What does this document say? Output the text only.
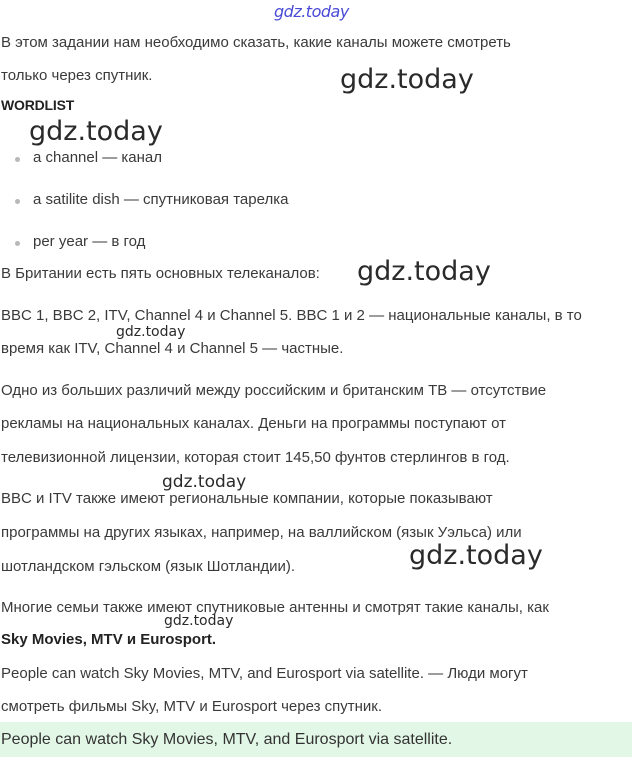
gdz.today
gdz.today
gdz.today
gdz.today
gdz.today
gdz.today
gdz.today
gdz.today
В этом задании нам необходимо сказать, какие каналы можете смотреть
только через спутник.
WORDLIST
a channel — канал
a satilite dish — спутниковая тарелка
per year — в год
В Британии есть пять основных телеканалов:
BBC 1, BBC 2, ITV, Channel 4 и Channel 5. BBC 1 и 2 — национальные каналы, в то
время как ITV, Channel 4 и Channel 5 — частные.
Одно из больших различий между российским и британским ТВ — отсутствие
рекламы на национальных каналах. Деньги на программы поступают от
телевизионной лицензии, которая стоит 145,50 фунтов стерлингов в год.
BBC и ITV также имеют региональные компании, которые показывают
программы на других языках, например, на валлийском (язык Уэльса) или
шотландском гэльском (язык Шотландии).
Многие семьи также имеют спутниковые антенны и смотрят такие каналы, как
Sky Movies, MTV и Eurosport.
People can watch Sky Movies, MTV, and Eurosport via satellite. — Люди могут
смотреть фильмы Sky, MTV и Eurosport через спутник.
People can watch Sky Movies, MTV, and Eurosport via satellite.
